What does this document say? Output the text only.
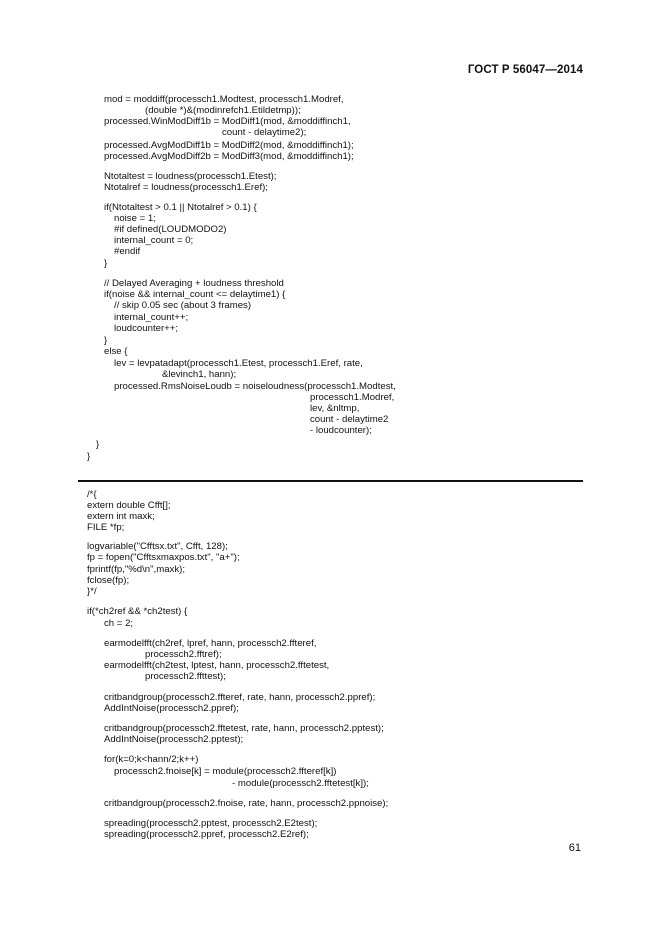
ГОСТ Р 56047—2014
mod = moddiff(processch1.Modtest, processch1.Modref,
(double *)&(modinrefch1.Etildetmp));
processed.WinModDiff1b = ModDiff1(mod, &moddiffinch1,
count - delaytime2);
processed.AvgModDiff1b = ModDiff2(mod, &moddiffinch1);
processed.AvgModDiff2b = ModDiff3(mod, &moddiffinch1);
Ntotaltest = loudness(processch1.Etest);
Ntotalref = loudness(processch1.Eref);
if(Ntotaltest > 0.1 || Ntotalref > 0.1) {
noise = 1;
#if defined(LOUDMODO2)
internal_count = 0;
#endif
}
// Delayed Averaging + loudness threshold
if(noise && internal_count <= delaytime1) {
// skip 0.05 sec (about 3 frames)
internal_count++;
loudcounter++;
}
else {
lev = levpatadapt(processch1.Etest, processch1.Eref, rate,
&levinch1, hann);
processed.RmsNoiseLoudb = noiseloudness(processch1.Modtest,
processch1.Modref,
lev, &nltmp,
count - delaytime2
- loudcounter);
}
}
/*{
extern double Cfft[];
extern int maxk;
FILE *fp;
logvariable("Cfftsx.txt", Cfft, 128);
fp = fopen("Cfftsxmaxpos.txt", "a+");
fprintf(fp,"%d\n",maxk);
fclose(fp);
}*/
if(*ch2ref && *ch2test) {
ch = 2;
earmodelfft(ch2ref, lpref, hann, processch2.ffteref,
processch2.fftref);
earmodelfft(ch2test, lptest, hann, processch2.fftetest,
processch2.ffttest);
critbandgroup(processch2.ffteref, rate, hann, processch2.ppref);
AddIntNoise(processch2.ppref);
critbandgroup(processch2.fftetest, rate, hann, processch2.pptest);
AddIntNoise(processch2.pptest);
for(k=0;k<hann/2;k++)
processch2.fnoise[k] = module(processch2.ffteref[k])
- module(processch2.fftetest[k]);
critbandgroup(processch2.fnoise, rate, hann, processch2.ppnoise);
spreading(processch2.pptest, processch2.E2test);
spreading(processch2.ppref, processch2.E2ref);
61
